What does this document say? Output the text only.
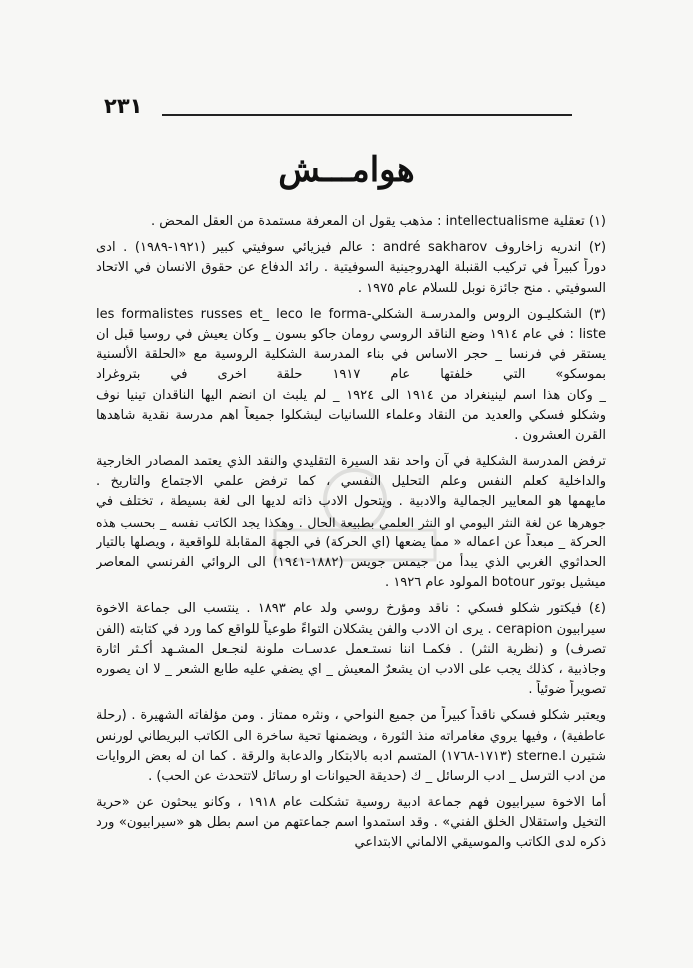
٢٣١
هوامـــش
(١) تعقلية intellectualisme : مذهب يقول ان المعرفة مستمدة من العقل المحض .
(٢) اندريه زاخاروف andré sakharov : عالم فيزيائي سوفيتي كبير (١٩٢١-١٩٨٩) . ادى
دوراً كبيراً في تركيب القنبلة الهدروجينية السوفيتية . رائد الدفاع عن حقوق الانسان في الاتحاد
السوفيتي . منح جائزة نوبل للسلام عام ١٩٧٥ .
(٣) الشكليـون الروس والمدرسـة الشكلي-les formalistes russes et_ leco le forma
liste : في عام ١٩١٤ وضع الناقد الروسي رومان جاكو بسون _ وكان يعيش في روسيا قبل ان
يستقر في فرنسا _ حجر الاساس في بناء المدرسة الشكلية الروسية مع «الحلقة الألسنية
بموسكو» التي خلفتها عام ١٩١٧ حلقة اخرى في بتروغراد
_ وكان هذا اسم لينينغراد من ١٩١٤ الى ١٩٢٤ _ لم يلبث ان انضم اليها الناقدان تينيا نوف
وشكلو فسكي والعديد من النقاد وعلماء اللسانيات ليشكلوا جميعاً اهم مدرسة نقدية شاهدها
القرن العشرون .
ترفض المدرسة الشكلية في آن واحد نقد السيرة التقليدي والنقد الذي يعتمد المصادر الخارجية
والداخلية كعلم النفس وعلم التحليل النفسي ، كما ترفض علمي الاجتماع والتاريخ .
مايهمها هو المعايير الجمالية والادبية . ويتحول الادب ذاته لديها الى لغة بسيطة ، تختلف في
جوهرها عن لغة النثر اليومي او النثر العلمي بطبيعة الحال . وهكذا يجد الكاتب نفسه _ بحسب هذه
الحركة _ مبعداً عن اعماله « مما يضعها (اي الحركة) في الجهة المقابلة للواقعية ، ويصلها بالتيار
الحداثوي الغربي الذي يبدأ من جيمس جويس (١٨٨٢-١٩٤١) الى الروائي الفرنسي المعاصر
ميشيل بوتور botour المولود عام ١٩٢٦ .
(٤) فيكتور شكلو فسكي : ناقد ومؤرخ روسي ولد عام ١٨٩٣ . ينتسب الى جماعة الاخوة
سيرابيون cerapion . يرى ان الادب والفن يشكلان التواءً طوعياً للواقع كما ورد في كتابته (الفن
تصرف) و (نظرية النثر) . فكمـا اننا نستـعمل عدسـات ملونة لنجـعل المشـهد أكـثر اثارة
وجاذبية ، كذلك يجب على الادب ان يشعرٌ المعيش _ اي يضفي عليه طابع الشعر _ لا ان يصوره
تصويراً ضوئياً .
ويعتبر شكلو فسكي ناقداً كبيراً من جميع النواحي ، ونثره ممتاز . ومن مؤلفاته الشهيرة . (رحلة
عاطفية) ، وفيها يروي مغامراته منذ الثورة ، ويضمنها تحية ساخرة الى الكاتب البريطاني لورنس
شتيرن sterne.l (١٧١٣-١٧٦٨) المتسم ادبه بالابتكار والدعابة والرقة . كما ان له بعض الروايات
من ادب الترسل _ ادب الرسائل _ ك (حديقة الحيوانات او رسائل لاتتحدث عن الحب) .
أما الاخوة سيرابيون فهم جماعة ادبية روسية تشكلت عام ١٩١٨ ، وكانو يبحثون عن «حرية
التخيل واستقلال الخلق الفني» . وقد استمدوا اسم جماعتهم من اسم بطل هو «سيرابيون» ورد
ذكره لدى الكاتب والموسيقي الالماني الابتداعي
